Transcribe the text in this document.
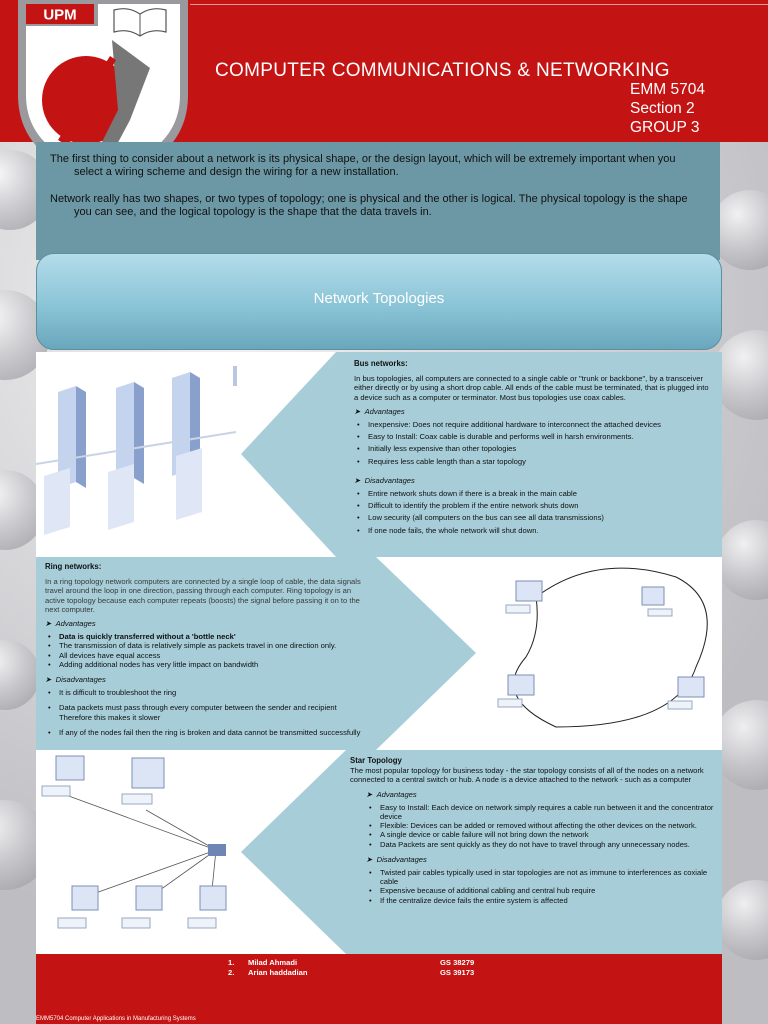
COMPUTER COMMUNICATIONS & NETWORKING
EMM 5704
Section 2
GROUP 3
UPM

The first thing to consider about a network is its physical shape, or the design layout, which will be extremely important when you select a wiring scheme and design the wiring for a new installation.

Network really has two shapes, or two types of topology; one is physical and the other is logical. The physical topology is the shape you can see, and the logical topology is the shape that the data travels in.

Network Topologies
Bus networks:
In bus topologies, all computers are connected to a single cable or "trunk or backbone", by a transceiver either directly or by using a short drop cable. All ends of the cable must be terminated, that is plugged into a device such as a computer or terminator. Most bus topologies use coax cables.
➤  Advantages
• Inexpensive: Does not require additional hardware to interconnect the attached devices
• Easy to Install: Coax cable is durable and performs well in harsh environments.
• Initially less expensive than other topologies
• Requires less cable length than a star topology
➤  Disadvantages
• Entire network shuts down if there is a break in the main cable
• Difficult to identify the problem if the entire network shuts down
• Low security (all computers on the bus can see all data transmissions)
• If one node fails, the whole network will shut down.
Ring networks:
In a ring topology network computers are connected by a single loop of cable, the data signals travel around the loop in one direction, passing through each computer. Ring topology is an active topology because each computer repeats (boosts) the signal before passing it on to the next computer.
➤  Advantages
• Data is quickly transferred without a 'bottle neck'
• The transmission of data is relatively simple as packets travel in one direction only.
• All devices have equal access
• Adding additional nodes has very little impact on bandwidth
➤  Disadvantages
• It is difficult to troubleshoot the ring
• Data packets must pass through every computer between the sender and recipient Therefore this makes it slower
• If any of the nodes fail then the ring is broken and data cannot be transmitted successfully
Star Topology
The most popular topology for business today - the star topology consists of all of the nodes on a network connected to a central switch or hub. A node is a device attached to the network - such as a computer
➤  Advantages
• Easy to Install: Each device on network simply requires a cable run between it and the concentrator device
• Flexible: Devices can be added or removed without affecting the other devices on the network.
• A single device or cable failure will not bring down the network
• Data Packets are sent quickly as they do not have to travel through any unnecessary nodes.
➤  Disadvantages
• Twisted pair cables typically used in star topologies are not as immune to interferences as coxiale cable
• Expensive because of additional cabling and central hub require
• If the centralize device fails the entire system is affected
1. Milad Ahmadi	GS 38279
2. Arian haddadian	GS 39173
EMM5704 Computer Applications in Manufacturing Systems
